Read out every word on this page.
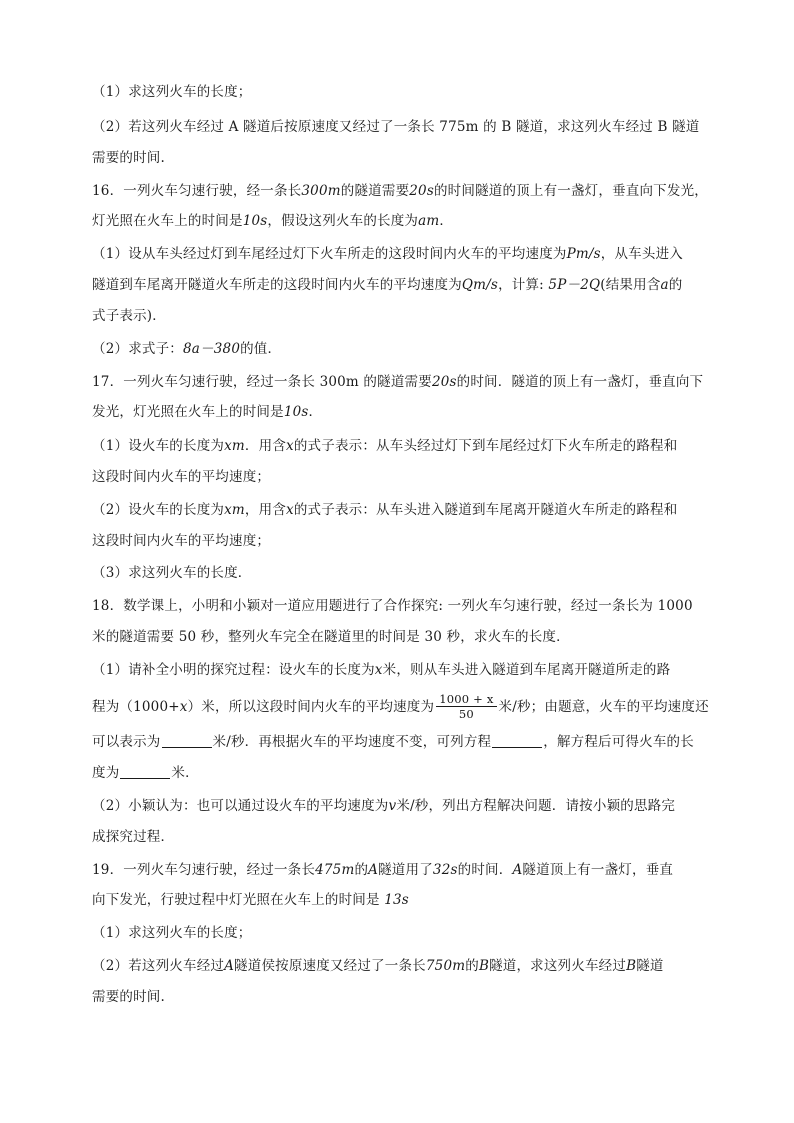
（1）求这列火车的长度；
（2）若这列火车经过 A 隧道后按原速度又经过了一条长 775m 的 B 隧道，求这列火车经过 B 隧道
需要的时间.
16．一列火车匀速行驶，经一条长300m的隧道需要20s的时间隧道的顶上有一盏灯，垂直向下发光，
灯光照在火车上的时间是10s，假设这列火车的长度为am．
（1）设从车头经过灯到车尾经过灯下火车所走的这段时间内火车的平均速度为Pm/s，从车头进入
隧道到车尾离开隧道火车所走的这段时间内火车的平均速度为Qm/s，计算: 5P－2Q(结果用含a的
式子表示)．
（2）求式子：8a－380的值．
17．一列火车匀速行驶，经过一条长 300m 的隧道需要20s的时间．隧道的顶上有一盏灯，垂直向下
发光，灯光照在火车上的时间是10s．
（1）设火车的长度为xm．用含x的式子表示：从车头经过灯下到车尾经过灯下火车所走的路程和
这段时间内火车的平均速度；
（2）设火车的长度为xm，用含x的式子表示：从车头进入隧道到车尾离开隧道火车所走的路程和
这段时间内火车的平均速度；
（3）求这列火车的长度．
18．数学课上，小明和小颖对一道应用题进行了合作探究: 一列火车匀速行驶，经过一条长为 1000
米的隧道需要 50 秒，整列火车完全在隧道里的时间是 30 秒，求火车的长度．
（1）请补全小明的探究过程：设火车的长度为x米，则从车头进入隧道到车尾离开隧道所走的路
程为（1000+x）米，所以这段时间内火车的平均速度为 $\frac{1000 + x}{50}$ 米/秒；由题意，火车的平均速度还
可以表示为	米/秒．再根据火车的平均速度不变，可列方程	，解方程后可得火车的长
度为	米．
（2）小颖认为：也可以通过设火车的平均速度为v米/秒，列出方程解决问题．请按小颖的思路完
成探究过程．
19．一列火车匀速行驶，经过一条长475m的A隧道用了32s的时间．A隧道顶上有一盏灯，垂直
向下发光，行驶过程中灯光照在火车上的时间是 13s
（1）求这列火车的长度；
（2）若这列火车经过A隧道侯按原速度又经过了一条长750m的B隧道，求这列火车经过B隧道
需要的时间.
